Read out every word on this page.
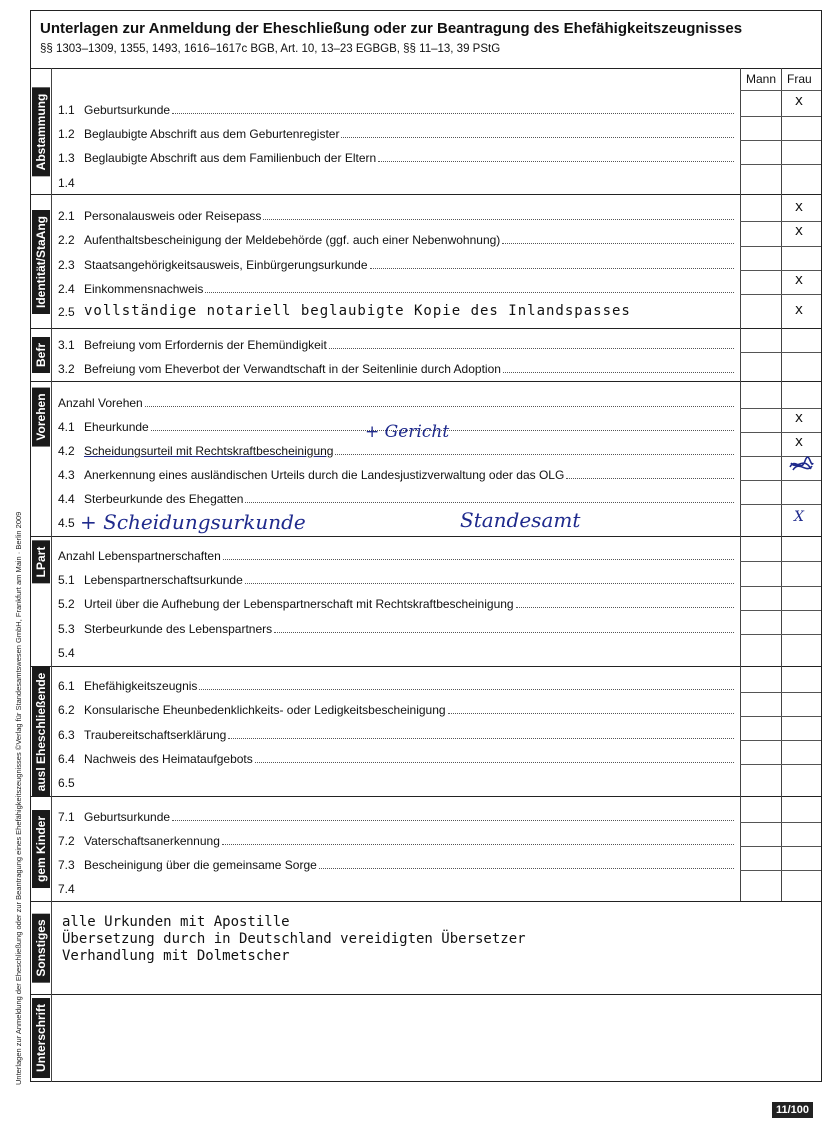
Unterlagen zur Anmeldung der Eheschließung oder zur Beantragung des Ehefähigkeitszeugnisses
§§ 1303–1309, 1355, 1493, 1616–1617c BGB, Art. 10, 13–23 EGBGB, §§ 11–13, 39 PStG
Mann Frau
Abstammung
Identität/StaAng
Befr
Vorehen
LPart
ausl Eheschließende
gem Kinder
Sonstiges
Unterschrift
1.1 Geburtsurkunde
1.2 Beglaubigte Abschrift aus dem Geburtenregister
1.3 Beglaubigte Abschrift aus dem Familienbuch der Eltern
1.4
x
2.1 Personalausweis oder Reisepass
2.2 Aufenthaltsbescheinigung der Meldebehörde (ggf. auch einer Nebenwohnung)
2.3 Staatsangehörigkeitsausweis, Einbürgerungsurkunde
2.4 Einkommensnachweis
2.5 vollständige notariell beglaubigte Kopie des Inlandspasses
x
x
x
x
3.1 Befreiung vom Erfordernis der Ehemündigkeit
3.2 Befreiung vom Eheverbot der Verwandtschaft in der Seitenlinie durch Adoption
Anzahl Vorehen
4.1 Eheurkunde
4.2 Scheidungsurteil mit Rechtskraftbescheinigung
4.3 Anerkennung eines ausländischen Urteils durch die Landesjustizverwaltung oder das OLG
4.4 Sterbeurkunde des Ehegatten
4.5
x
x
X
+ Gericht
+ Scheidungsurkunde	Standesamt
Anzahl Lebenspartnerschaften
5.1 Lebenspartnerschaftsurkunde
5.2 Urteil über die Aufhebung der Lebenspartnerschaft mit Rechtskraftbescheinigung
5.3 Sterbeurkunde des Lebenspartners
5.4
6.1 Ehefähigkeitszeugnis
6.2 Konsularische Eheunbedenklichkeits- oder Ledigkeitsbescheinigung
6.3 Traubereitschaftserklärung
6.4 Nachweis des Heimataufgebots
6.5
7.1 Geburtsurkunde
7.2 Vaterschaftsanerkennung
7.3 Bescheinigung über die gemeinsame Sorge
7.4
alle Urkunden mit Apostille
Übersetzung durch in Deutschland vereidigten Übersetzer
Verhandlung mit Dolmetscher
Unterlagen zur Anmeldung der Eheschließung oder zur Beantragung eines Ehefähigkeitszeugnisses ©Verlag für Standesamtswesen GmbH, Frankfurt am Main · Berlin 2009
11/100
